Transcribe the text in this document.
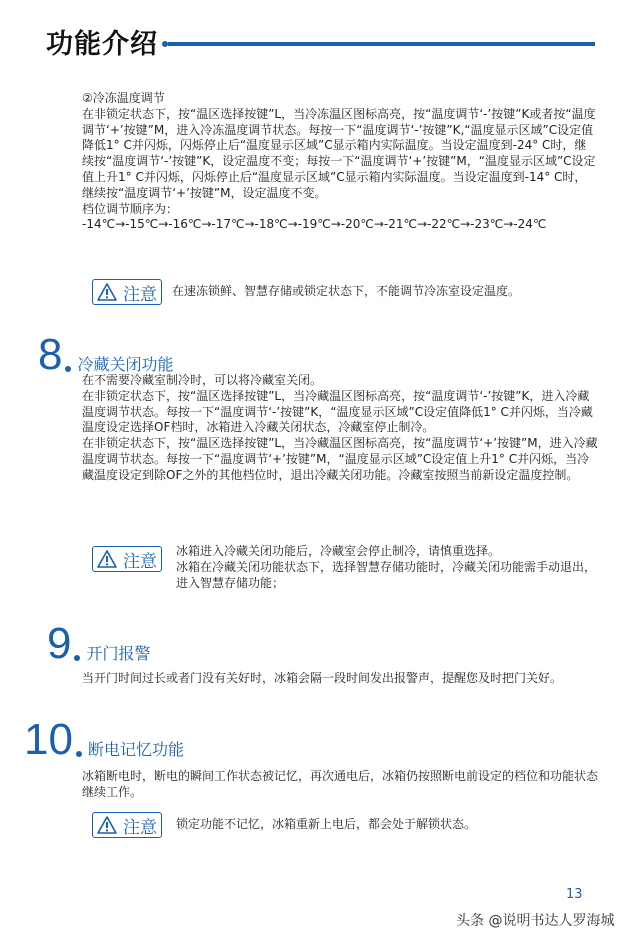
功能介绍

②冷冻温度调节

在非锁定状态下，按“温区选择按键”L，当冷冻温区图标高亮，按“温度调节‘-’按键”K或者按“温度调节‘+’按键”M，进入冷冻温度调节状态。每按一下“温度调节‘-’按键”K,“温度显示区域”C设定值降低1° C并闪烁，闪烁停止后“温度显示区域”C显示箱内实际温度。当设定温度到-24° C时，继续按“温度调节‘-’按键”K，设定温度不变；每按一下“温度调节‘+’按键”M，“温度显示区域”C设定值上升1° C并闪烁，闪烁停止后“温度显示区域”C显示箱内实际温度。当设定温度到-14° C时，继续按“温度调节‘+’按键”M，设定温度不变。

档位调节顺序为：

-14℃→-15℃→-16℃→-17℃→-18℃→-19℃→-20℃→-21℃→-22℃→-23℃→-24℃

注意 在速冻锁鲜、智慧存储或锁定状态下，不能调节冷冻室设定温度。
8 冷藏关闭功能

在不需要冷藏室制冷时，可以将冷藏室关闭。

在非锁定状态下，按“温区选择按键”L，当冷藏温区图标高亮，按“温度调节‘-’按键”K，进入冷藏温度调节状态。每按一下“温度调节‘-’按键”K，“温度显示区域”C设定值降低1° C并闪烁，当冷藏温度设定选择OF档时，冰箱进入冷藏关闭状态，冷藏室停止制冷。

在非锁定状态下，按“温区选择按键”L，当冷藏温区图标高亮，按“温度调节‘+’按键”M，进入冷藏温度调节状态。每按一下“温度调节‘+’按键”M，“温度显示区域”C设定值上升1° C并闪烁，当冷藏温度设定到除OF之外的其他档位时，退出冷藏关闭功能。冷藏室按照当前新设定温度控制。

注意

冰箱进入冷藏关闭功能后，冷藏室会停止制冷，请慎重选择。

冰箱在冷藏关闭功能状态下，选择智慧存储功能时，冷藏关闭功能需手动退出，进入智慧存储功能；

9 开门报警

当开门时间过长或者门没有关好时，冰箱会隔一段时间发出报警声，提醒您及时把门关好。

10 断电记忆功能

冰箱断电时，断电的瞬间工作状态被记忆，再次通电后，冰箱仍按照断电前设定的档位和功能状态继续工作。

注意 锁定功能不记忆，冰箱重新上电后，都会处于解锁状态。
13
头条 @说明书达人罗海城
